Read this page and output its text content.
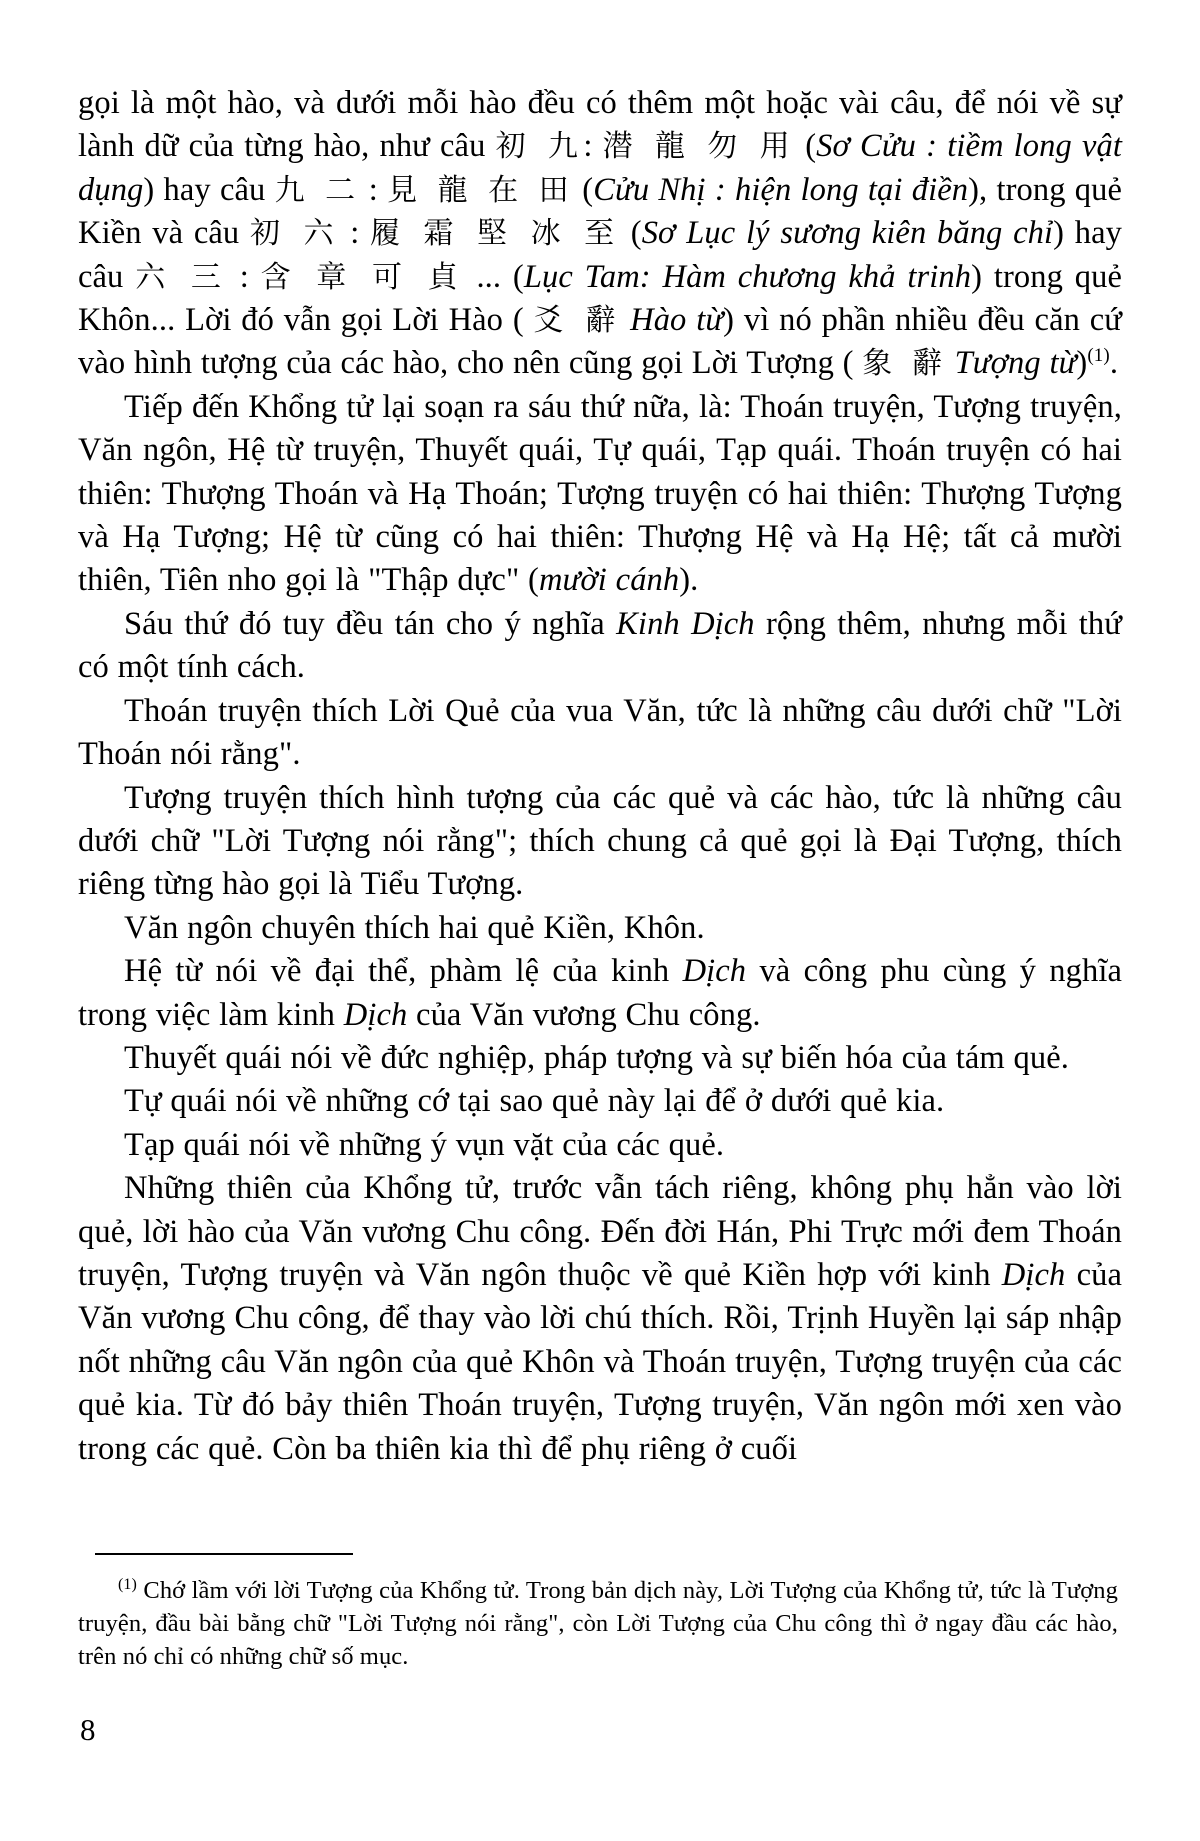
gọi là một hào, và dưới mỗi hào đều có thêm một hoặc vài câu, để nói về sự lành dữ của từng hào, như câu 初 九: 潜 龍 勿 用 (Sơ Cửu : tiềm long vật dụng) hay câu 九 二 : 見 龍 在 田 (Cửu Nhị : hiện long tại điền), trong quẻ Kiền và câu 初 六 : 履 霜 堅 冰 至 (Sơ Lục lý sương kiên băng chỉ) hay câu 六 三 : 含 章 可 貞 ... (Lục Tam: Hàm chương khả trinh) trong quẻ Khôn... Lời đó vẫn gọi Lời Hào ( 爻 辭 Hào từ) vì nó phần nhiều đều căn cứ vào hình tượng của các hào, cho nên cũng gọi Lời Tượng ( 象 辭 Tượng từ)$^{(1)}$.

Tiếp đến Khổng tử lại soạn ra sáu thứ nữa, là: Thoán truyện, Tượng truyện, Văn ngôn, Hệ từ truyện, Thuyết quái, Tự quái, Tạp quái. Thoán truyện có hai thiên: Thượng Thoán và Hạ Thoán; Tượng truyện có hai thiên: Thượng Tượng và Hạ Tượng; Hệ từ cũng có hai thiên: Thượng Hệ và Hạ Hệ; tất cả mười thiên, Tiên nho gọi là "Thập dực" (mười cánh).

Sáu thứ đó tuy đều tán cho ý nghĩa Kinh Dịch rộng thêm, nhưng mỗi thứ có một tính cách.

Thoán truyện thích Lời Quẻ của vua Văn, tức là những câu dưới chữ "Lời Thoán nói rằng".

Tượng truyện thích hình tượng của các quẻ và các hào, tức là những câu dưới chữ "Lời Tượng nói rằng"; thích chung cả quẻ gọi là Đại Tượng, thích riêng từng hào gọi là Tiểu Tượng.

Văn ngôn chuyên thích hai quẻ Kiền, Khôn.

Hệ từ nói về đại thể, phàm lệ của kinh Dịch và công phu cùng ý nghĩa trong việc làm kinh Dịch của Văn vương Chu công.

Thuyết quái nói về đức nghiệp, pháp tượng và sự biến hóa của tám quẻ.

Tự quái nói về những cớ tại sao quẻ này lại để ở dưới quẻ kia.

Tạp quái nói về những ý vụn vặt của các quẻ.

Những thiên của Khổng tử, trước vẫn tách riêng, không phụ hẳn vào lời quẻ, lời hào của Văn vương Chu công. Đến đời Hán, Phi Trực mới đem Thoán truyện, Tượng truyện và Văn ngôn thuộc về quẻ Kiền hợp với kinh Dịch của Văn vương Chu công, để thay vào lời chú thích. Rồi, Trịnh Huyền lại sáp nhập nốt những câu Văn ngôn của quẻ Khôn và Thoán truyện, Tượng truyện của các quẻ kia. Từ đó bảy thiên Thoán truyện, Tượng truyện, Văn ngôn mới xen vào trong các quẻ. Còn ba thiên kia thì để phụ riêng ở cuối

$^{(1)}$ Chớ lầm với lời Tượng của Khổng tử. Trong bản dịch này, Lời Tượng của Khổng tử, tức là Tượng truyện, đầu bài bằng chữ "Lời Tượng nói rằng", còn Lời Tượng của Chu công thì ở ngay đầu các hào, trên nó chỉ có những chữ số mục.

8
